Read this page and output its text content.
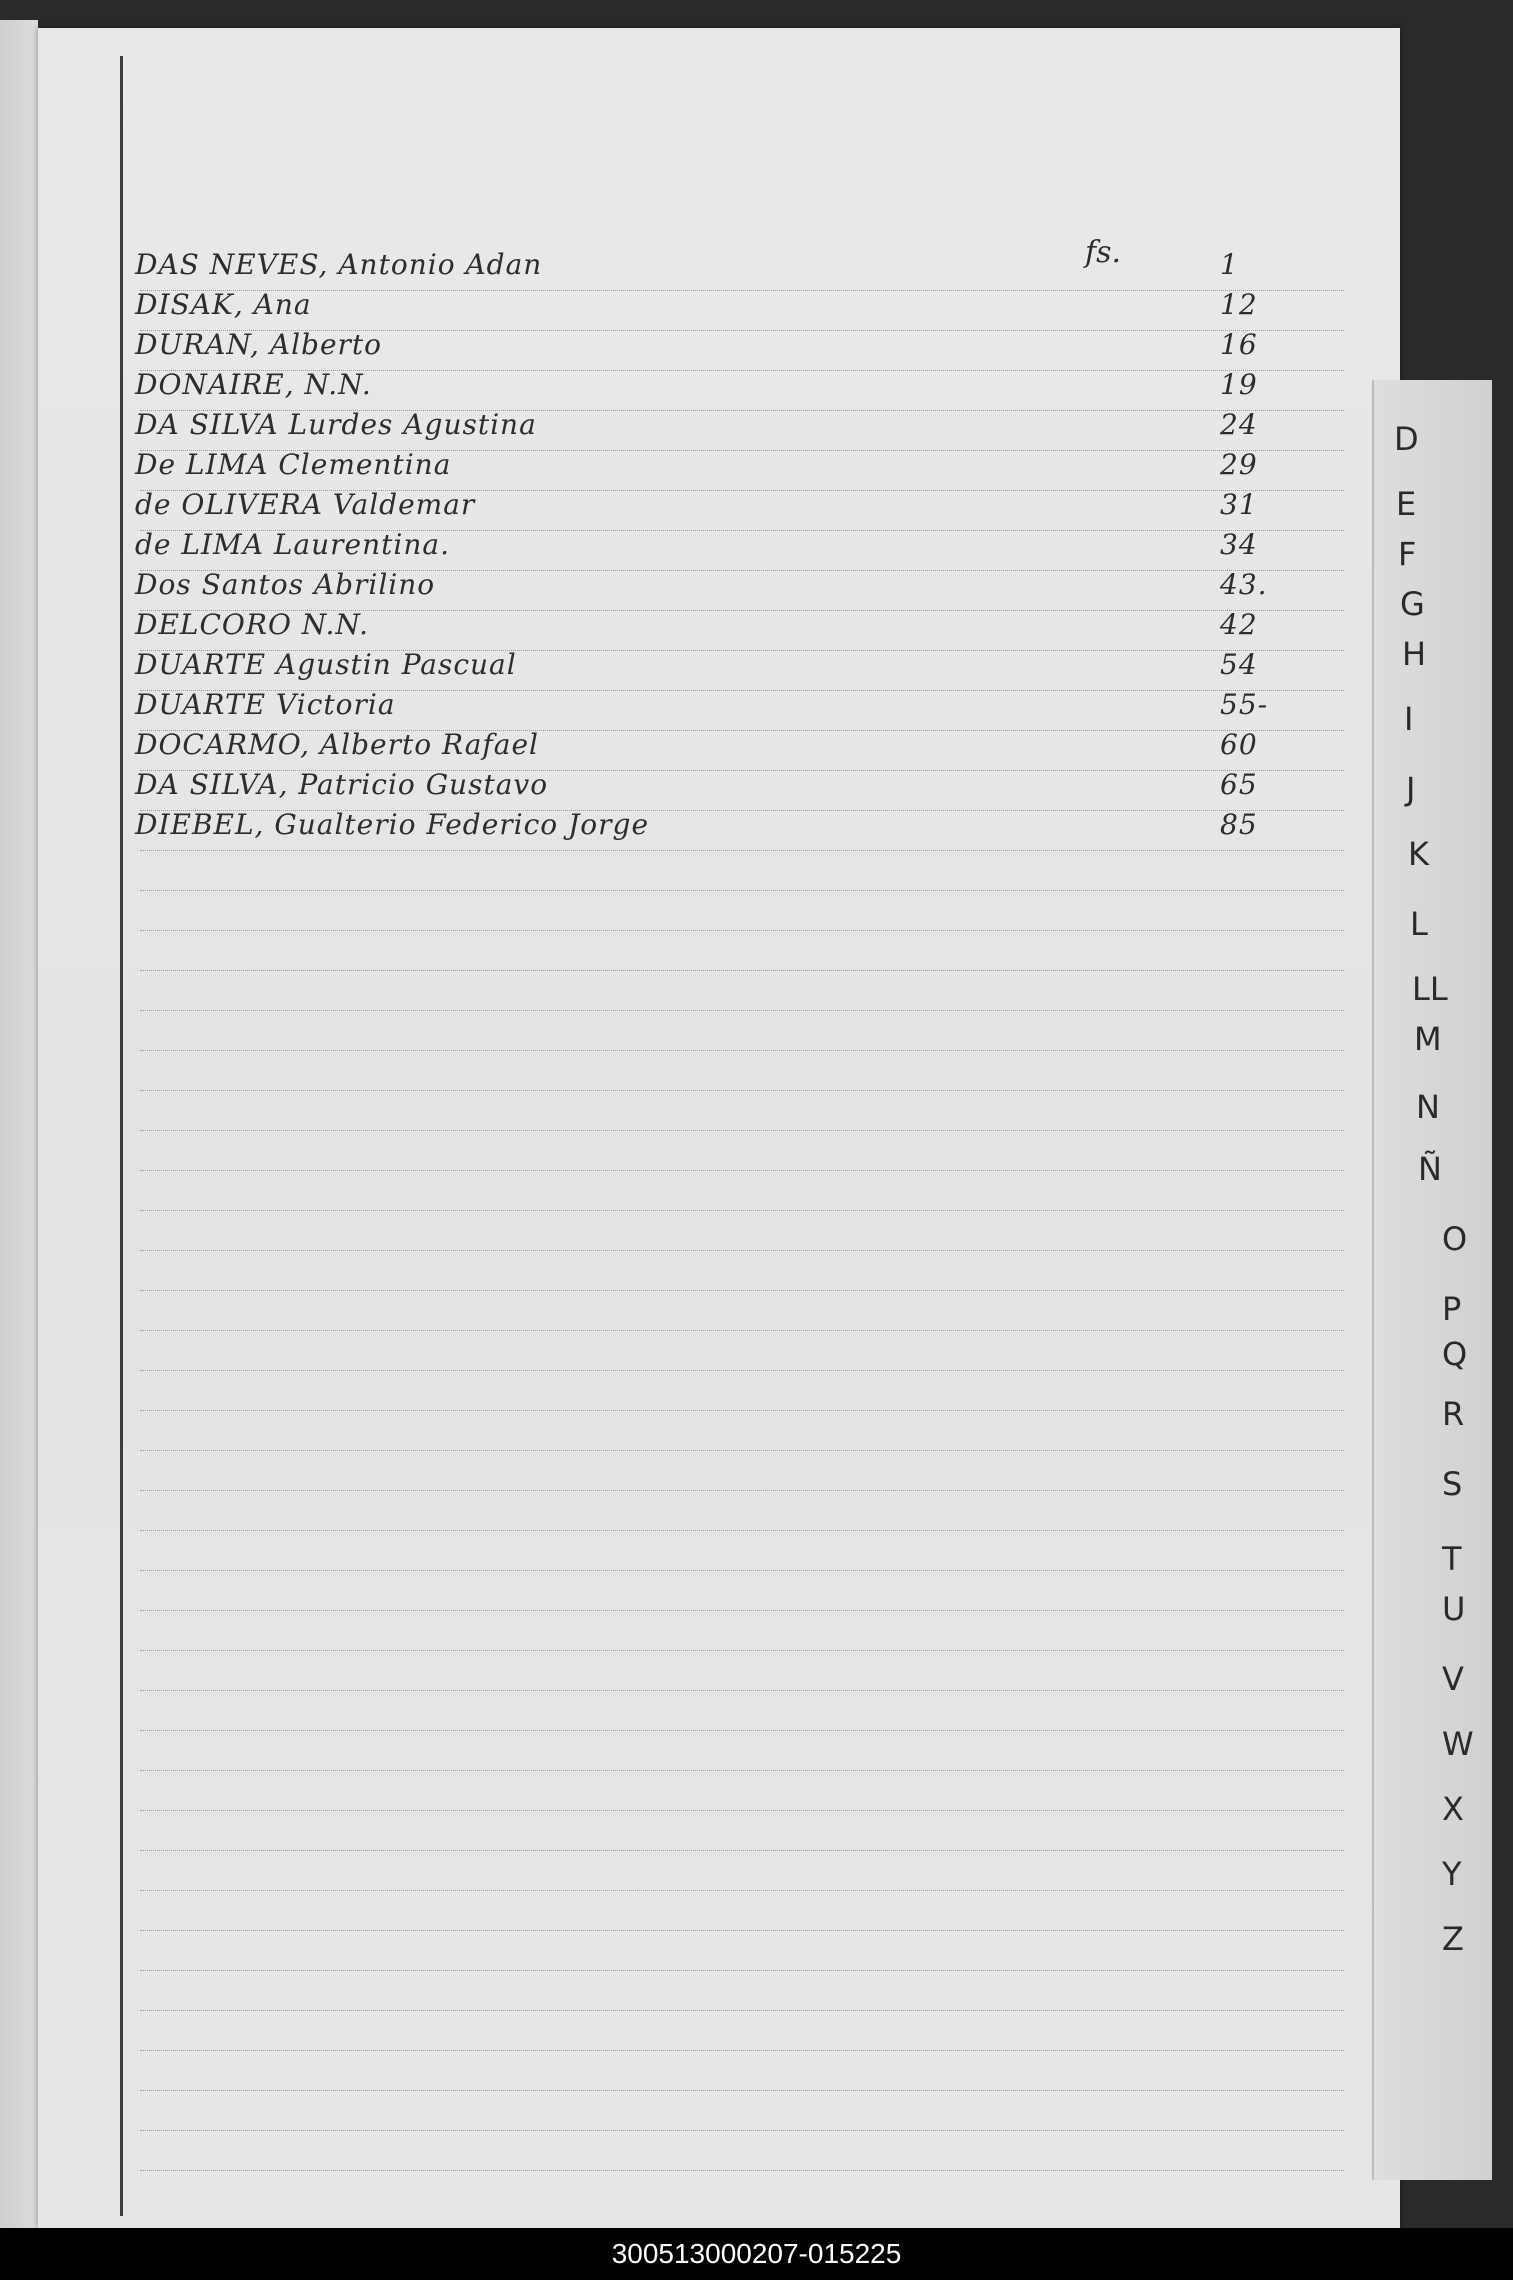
fs.
DAS NEVES, Antonio Adan	1
DISAK, Ana	12
DURAN, Alberto	16
DONAIRE, N.N.	19
DA SILVA Lurdes Agustina	24
De LIMA Clementina	29
de OLIVERA Valdemar	31
de LIMA Laurentina.	34
Dos Santos Abrilino	43.
DELCORO N.N.	42
DUARTE Agustin Pascual	54
DUARTE Victoria	55-
DOCARMO, Alberto Rafael	60
DA SILVA, Patricio Gustavo	65
DIEBEL, Gualterio Federico Jorge	85
D
E
F
G
H
I
J
K
L
LL
M
N
Ñ
O
P
Q
R
S
T
U
V
W
X
Y
Z
300513000207-015225
